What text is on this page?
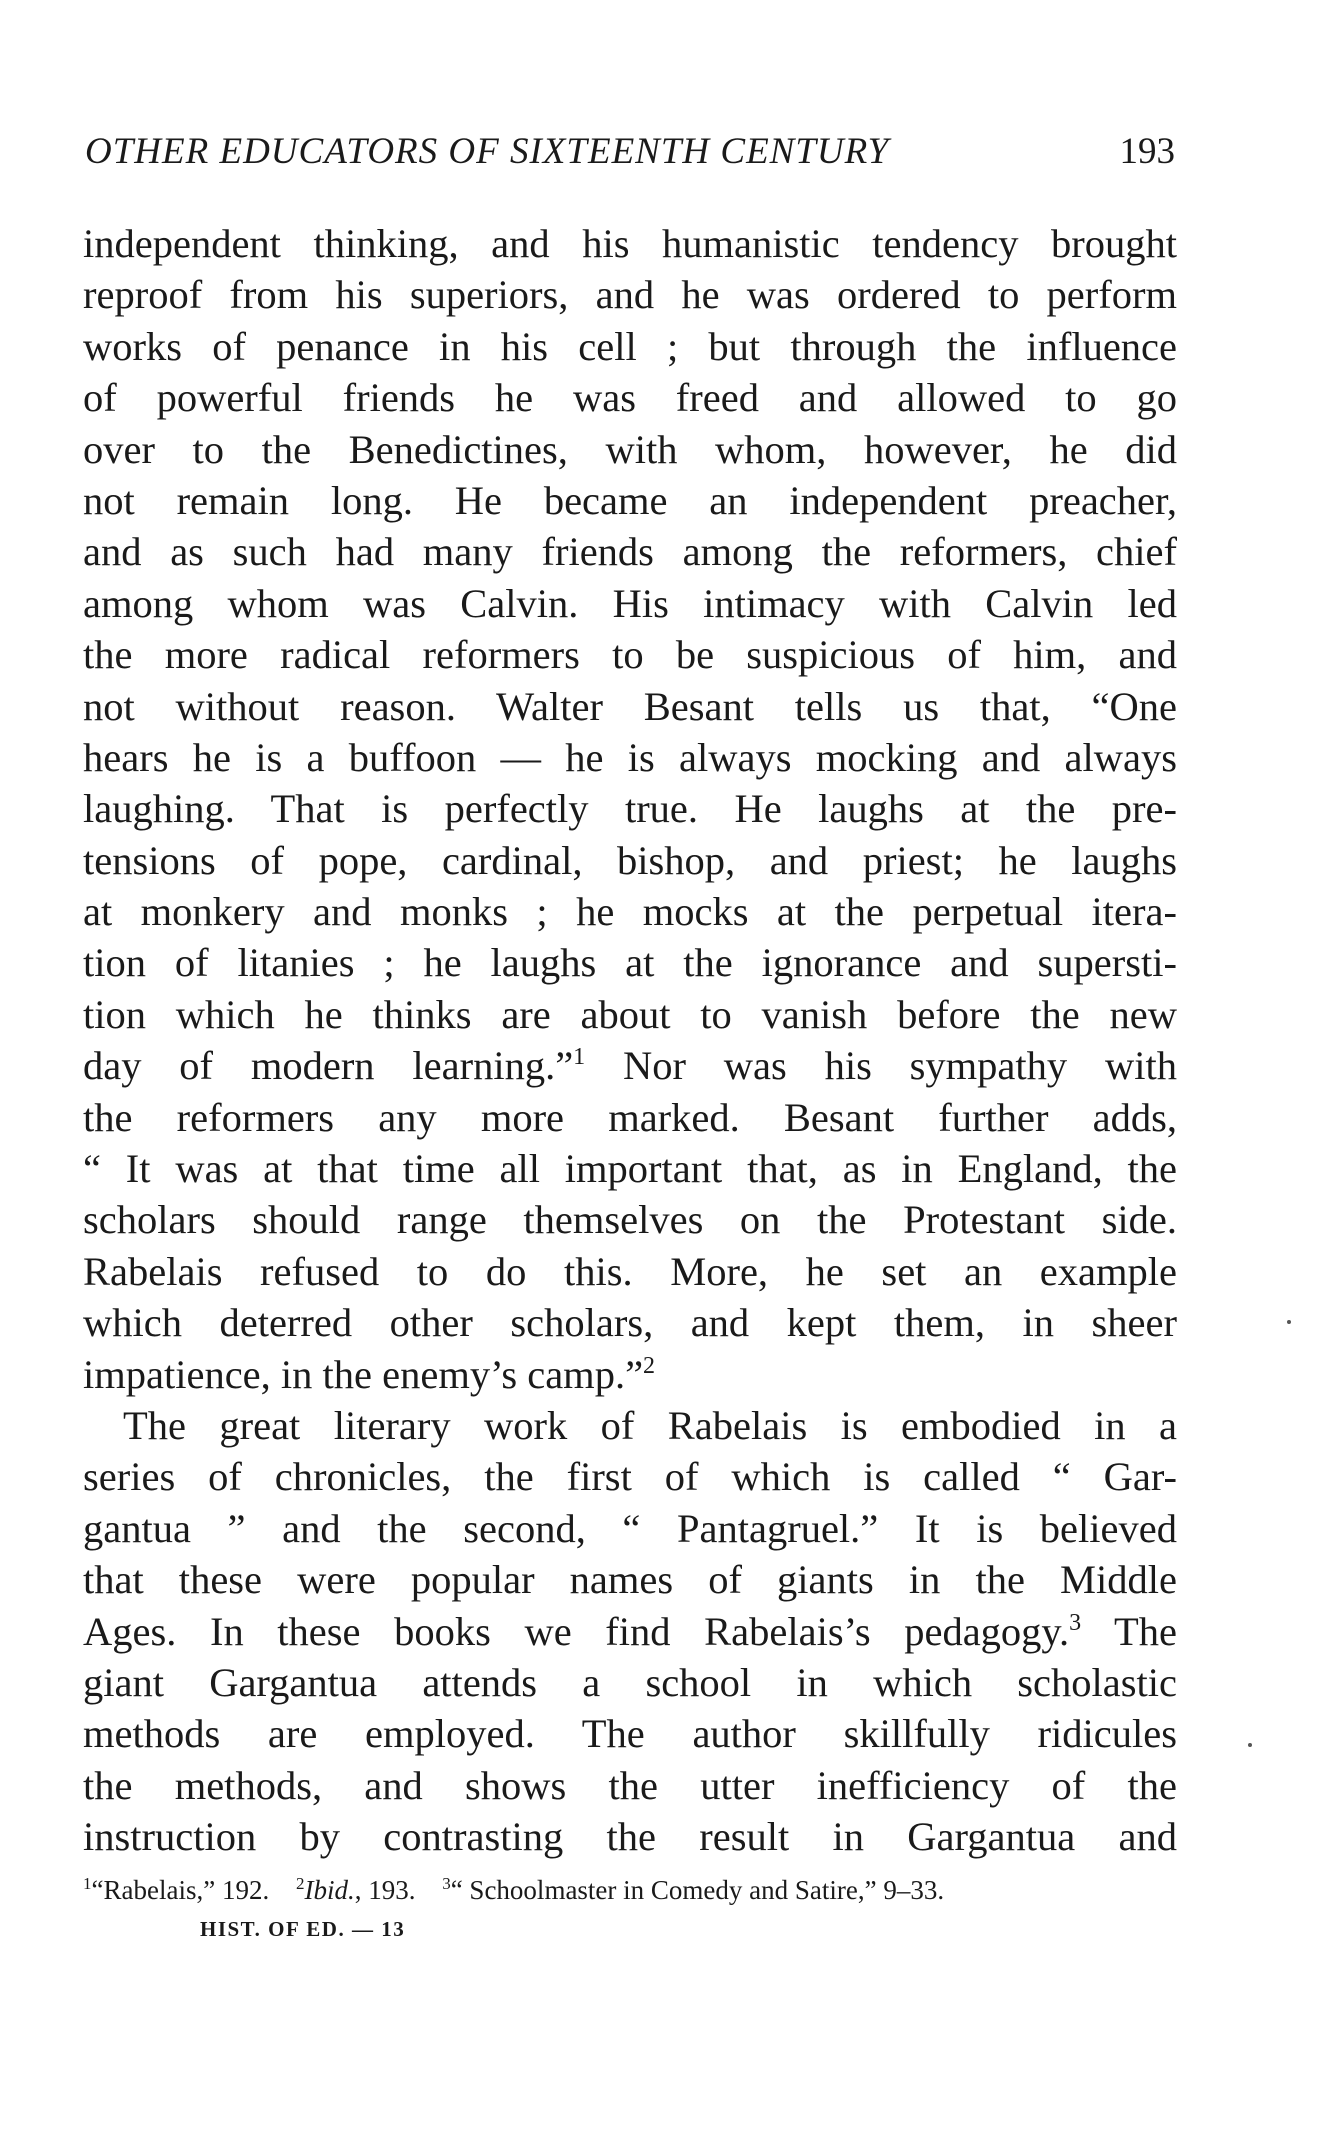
OTHER EDUCATORS OF SIXTEENTH CENTURY	193
independent thinking, and his humanistic tendency brought
reproof from his superiors, and he was ordered to perform
works of penance in his cell ; but through the influence
of powerful friends he was freed and allowed to go
over to the Benedictines, with whom, however, he did
not remain long. He became an independent preacher,
and as such had many friends among the reformers, chief
among whom was Calvin. His intimacy with Calvin led
the more radical reformers to be suspicious of him, and
not without reason. Walter Besant tells us that, “One
hears he is a buffoon — he is always mocking and always
laughing. That is perfectly true. He laughs at the pre-
tensions of pope, cardinal, bishop, and priest; he laughs
at monkery and monks ; he mocks at the perpetual itera-
tion of litanies ; he laughs at the ignorance and supersti-
tion which he thinks are about to vanish before the new
day of modern learning.”$^1$ Nor was his sympathy with
the reformers any more marked. Besant further adds,
“ It was at that time all important that, as in England, the
scholars should range themselves on the Protestant side.
Rabelais refused to do this. More, he set an example
which deterred other scholars, and kept them, in sheer
impatience, in the enemy’s camp.”$^2$
The great literary work of Rabelais is embodied in a
series of chronicles, the first of which is called “ Gar-
gantua ” and the second, “ Pantagruel.” It is believed
that these were popular names of giants in the Middle
Ages. In these books we find Rabelais’s pedagogy.$^3$ The
giant Gargantua attends a school in which scholastic
methods are employed. The author skillfully ridicules
the methods, and shows the utter inefficiency of the
instruction by contrasting the result in Gargantua and
$^1$“Rabelais,” 192. $^2$Ibid., 193. $^3$“ Schoolmaster in Comedy and Satire,” 9–33.
HIST. OF ED. — 13
